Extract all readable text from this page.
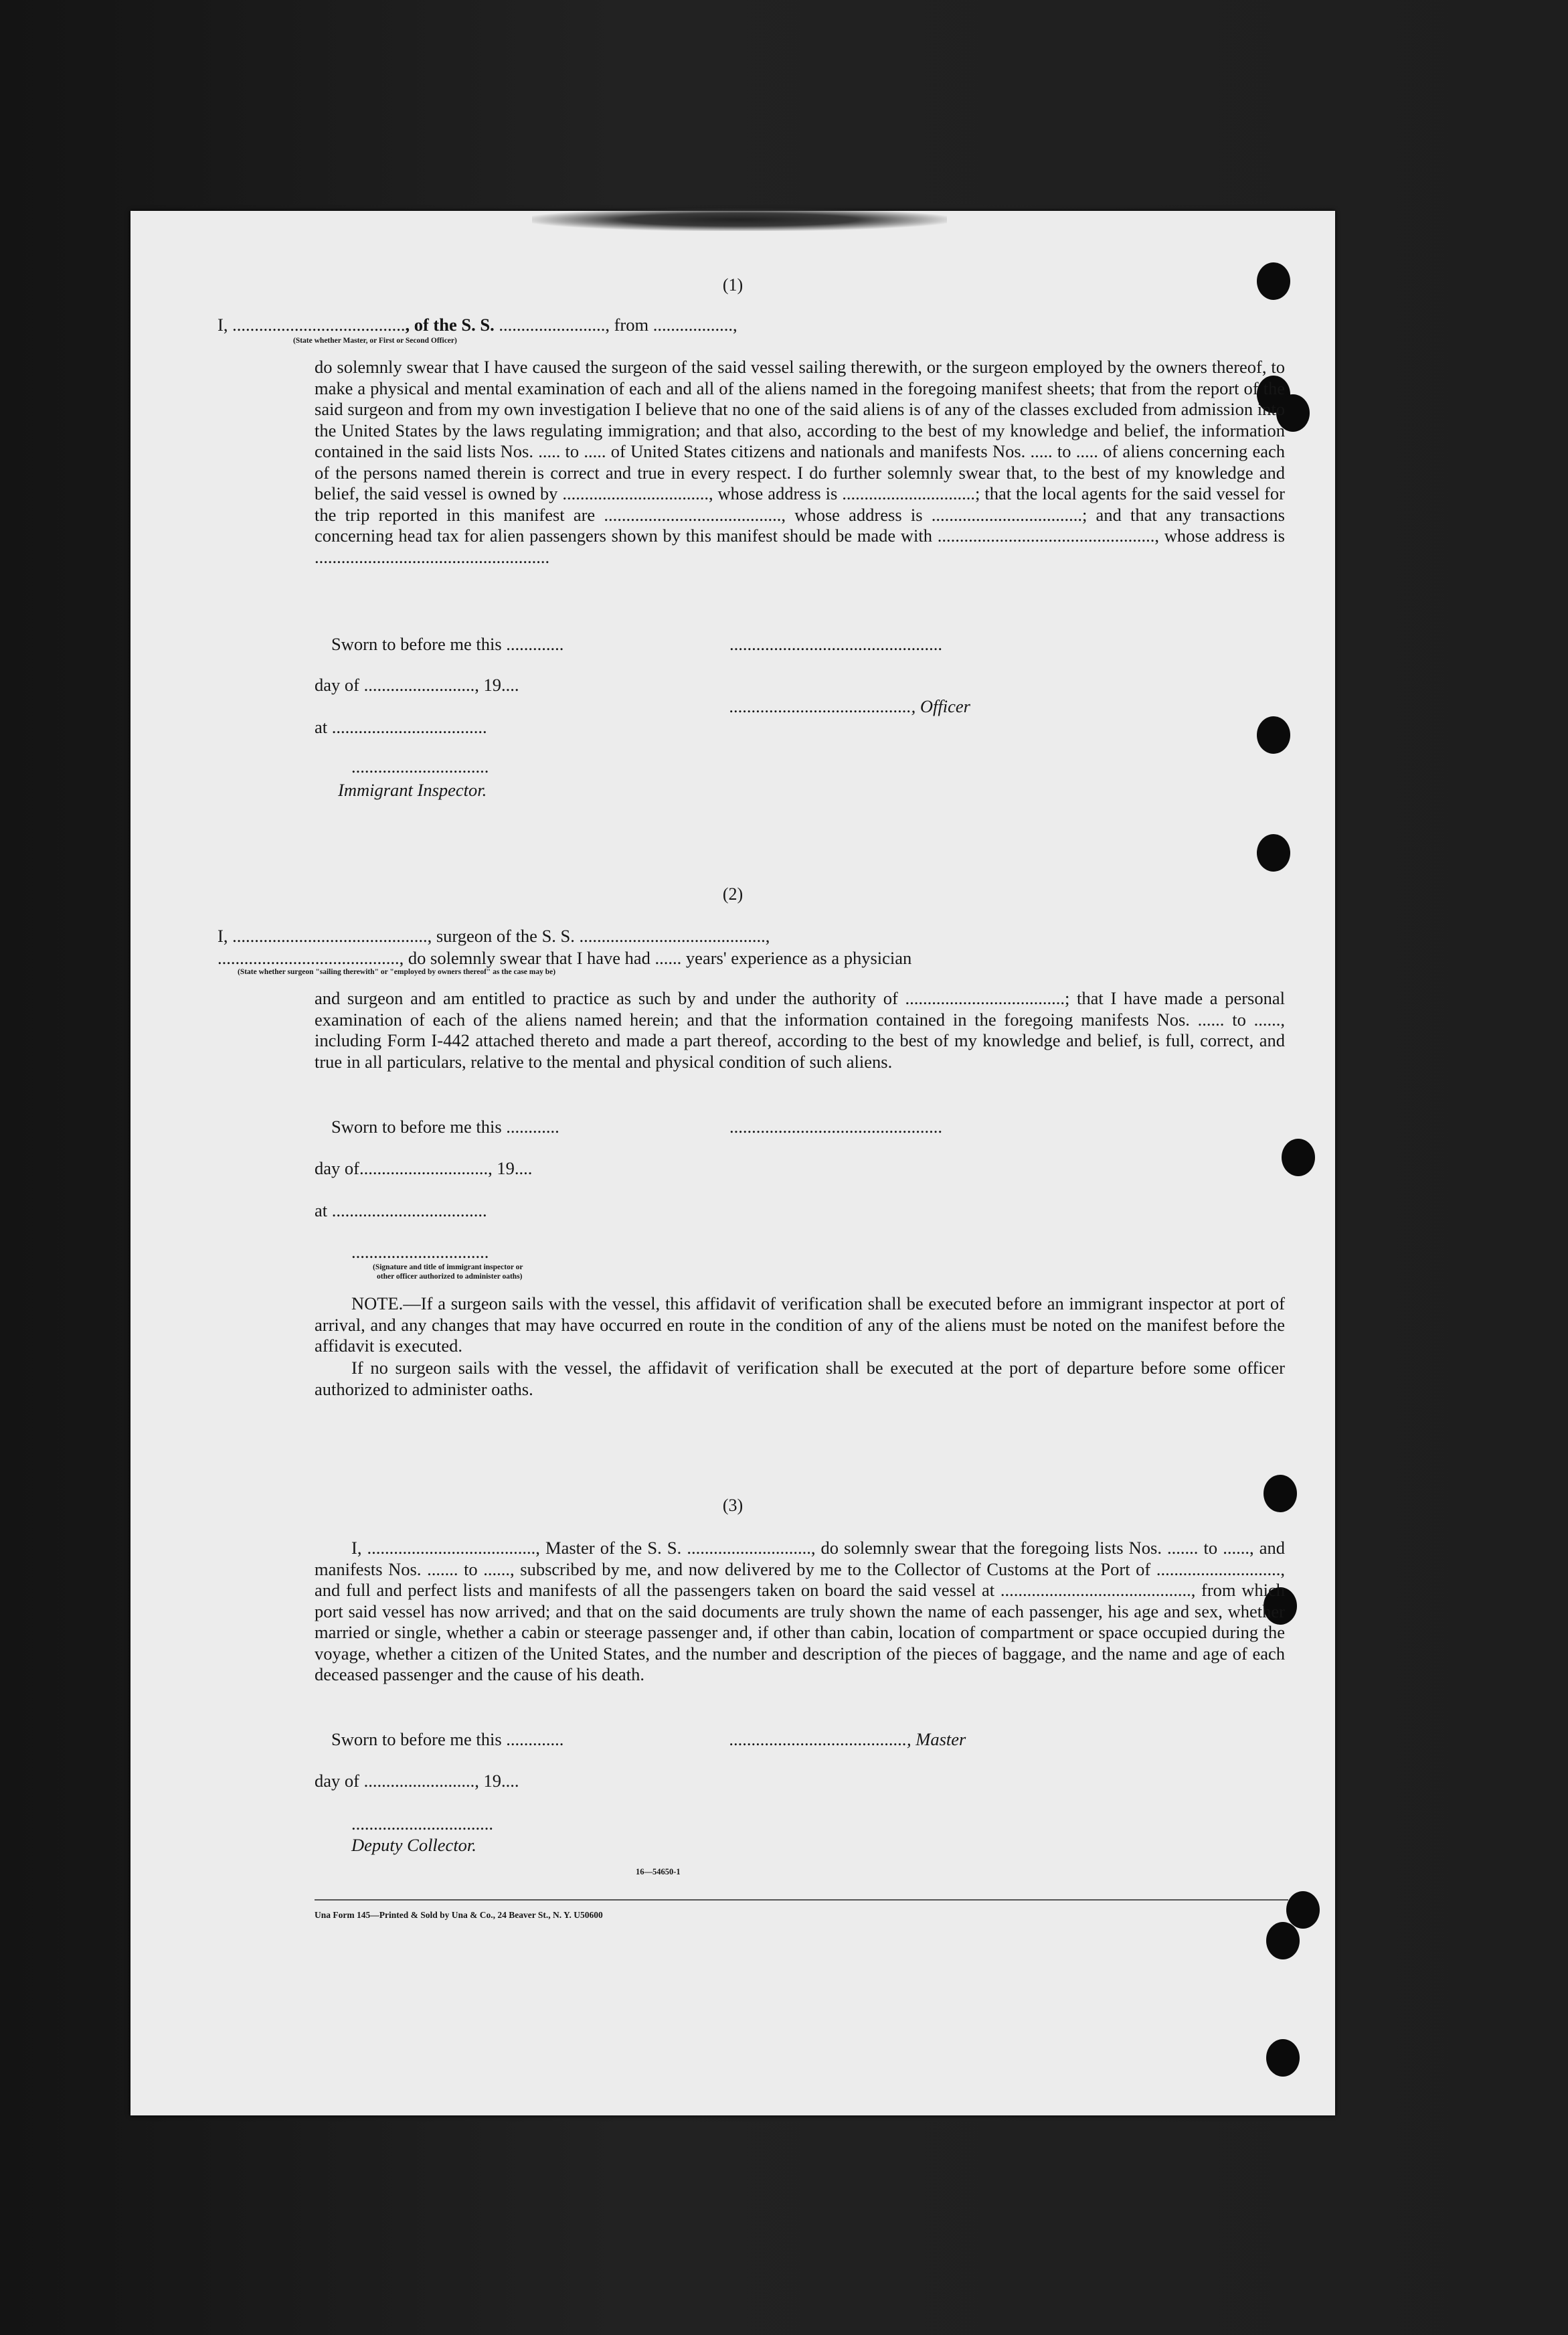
(1)
I, ......................................., of the S. S. ........................, from ..................,
(State whether Master, or First or Second Officer)
do solemnly swear that I have caused the surgeon of the said vessel sailing therewith, or the surgeon employed by the owners thereof, to make a physical and mental examination of each and all of the aliens named in the foregoing manifest sheets; that from the report of the said surgeon and from my own investigation I believe that no one of the said aliens is of any of the classes excluded from admission into the United States by the laws regulating immigration; and that also, according to the best of my knowledge and belief, the information contained in the said lists Nos. ..... to ..... of United States citizens and nationals and manifests Nos. ..... to ..... of aliens concerning each of the persons named therein is correct and true in every respect. I do further solemnly swear that, to the best of my knowledge and belief, the said vessel is owned by ................................., whose address is ..............................; that the local agents for the said vessel for the trip reported in this manifest are ........................................, whose address is ..................................; and that any transactions concerning head tax for alien passengers shown by this manifest should be made with ................................................., whose address is .....................................................
Sworn to before me this .............	................................................
day of ........................., 19....
........................................., Officer
at ...................................
...............................
Immigrant Inspector.
(2)
I, ............................................, surgeon of the S. S. ..........................................,
........................................., do solemnly swear that I have had ...... years' experience as a physician
(State whether surgeon "sailing therewith" or "employed by owners thereof" as the case may be)
and surgeon and am entitled to practice as such by and under the authority of ....................................; that I have made a personal examination of each of the aliens named herein; and that the information contained in the foregoing manifests Nos. ...... to ......, including Form I-442 attached thereto and made a part thereof, according to the best of my knowledge and belief, is full, correct, and true in all particulars, relative to the mental and physical condition of such aliens.
Sworn to before me this ............	................................................
day of............................., 19....
at ...................................
...............................
(Signature and title of immigrant inspector or
other officer authorized to administer oaths)
NOTE.—If a surgeon sails with the vessel, this affidavit of verification shall be executed before an immigrant inspector at port of arrival, and any changes that may have occurred en route in the condition of any of the aliens must be noted on the manifest before the affidavit is executed.
If no surgeon sails with the vessel, the affidavit of verification shall be executed at the port of departure before some officer authorized to administer oaths.
(3)
I, ......................................, Master of the S. S. ............................, do solemnly swear that the foregoing lists Nos. ....... to ......, and manifests Nos. ....... to ......, subscribed by me, and now delivered by me to the Collector of Customs at the Port of ............................, and full and perfect lists and manifests of all the passengers taken on board the said vessel at ..........................................., from which port said vessel has now arrived; and that on the said documents are truly shown the name of each passenger, his age and sex, whether married or single, whether a cabin or steerage passenger and, if other than cabin, location of compartment or space occupied during the voyage, whether a citizen of the United States, and the number and description of the pieces of baggage, and the name and age of each deceased passenger and the cause of his death.
Sworn to before me this .............	........................................, Master
day of ........................., 19....
................................
Deputy Collector.
16—54650-1
Una Form 145—Printed & Sold by Una & Co., 24 Beaver St., N. Y. U50600
